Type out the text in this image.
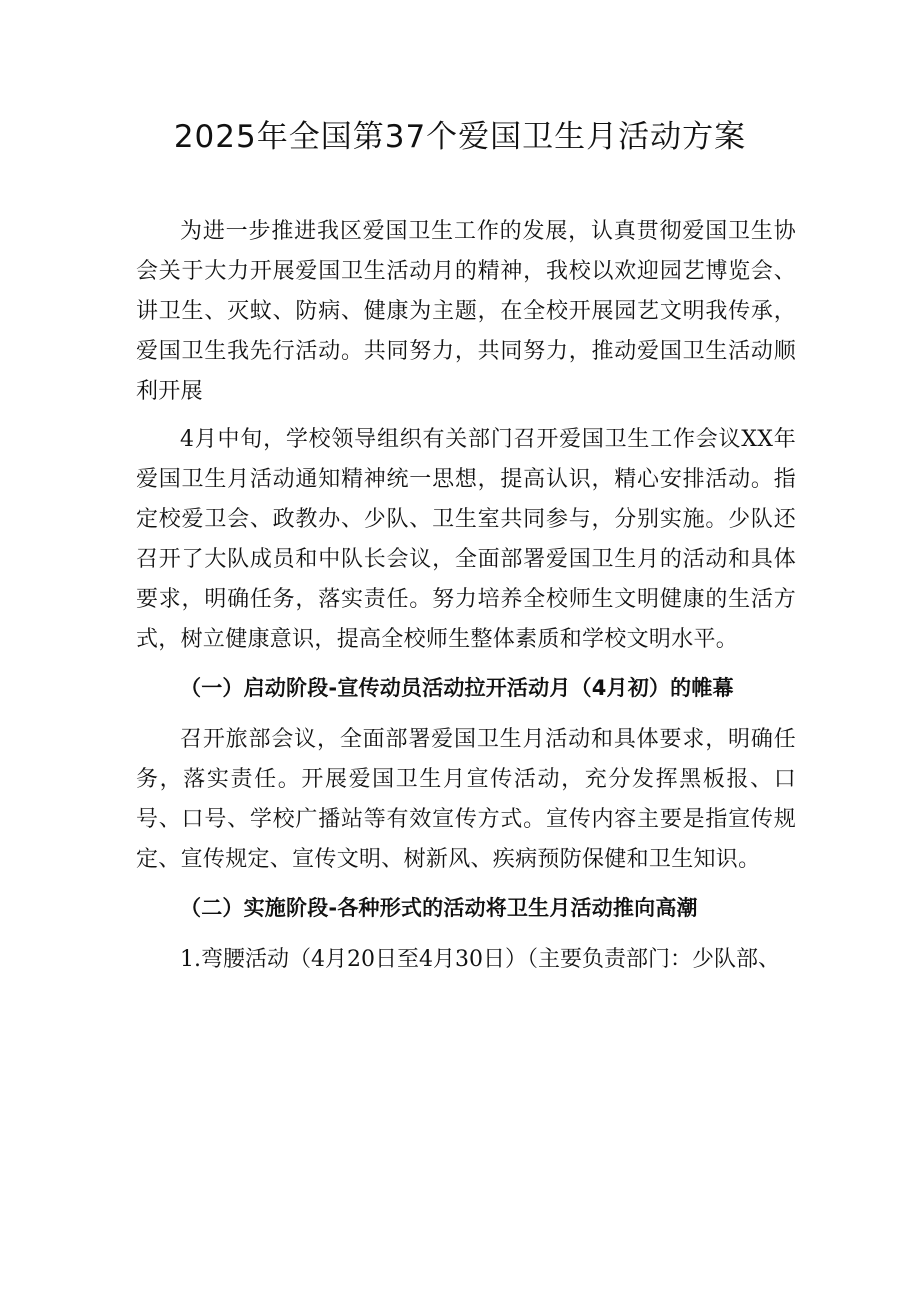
2025年全国第37个爱国卫生月活动方案

为进一步推进我区爱国卫生工作的发展，认真贯彻爱国卫生协会关于大力开展爱国卫生活动月的精神，我校以欢迎园艺博览会、讲卫生、灭蚊、防病、健康为主题，在全校开展园艺文明我传承，爱国卫生我先行活动。共同努力，共同努力，推动爱国卫生活动顺利开展

4月中旬，学校领导组织有关部门召开爱国卫生工作会议XX年爱国卫生月活动通知精神统一思想，提高认识，精心安排活动。指定校爱卫会、政教办、少队、卫生室共同参与，分别实施。少队还召开了大队成员和中队长会议，全面部署爱国卫生月的活动和具体要求，明确任务，落实责任。努力培养全校师生文明健康的生活方式，树立健康意识，提高全校师生整体素质和学校文明水平。

（一）启动阶段-宣传动员活动拉开活动月（4月初）的帷幕

召开旅部会议，全面部署爱国卫生月活动和具体要求，明确任务，落实责任。开展爱国卫生月宣传活动，充分发挥黑板报、口号、口号、学校广播站等有效宣传方式。宣传内容主要是指宣传规定、宣传规定、宣传文明、树新风、疾病预防保健和卫生知识。

（二）实施阶段-各种形式的活动将卫生月活动推向高潮

1.弯腰活动（4月20日至4月30日）（主要负责部门：少队部、
